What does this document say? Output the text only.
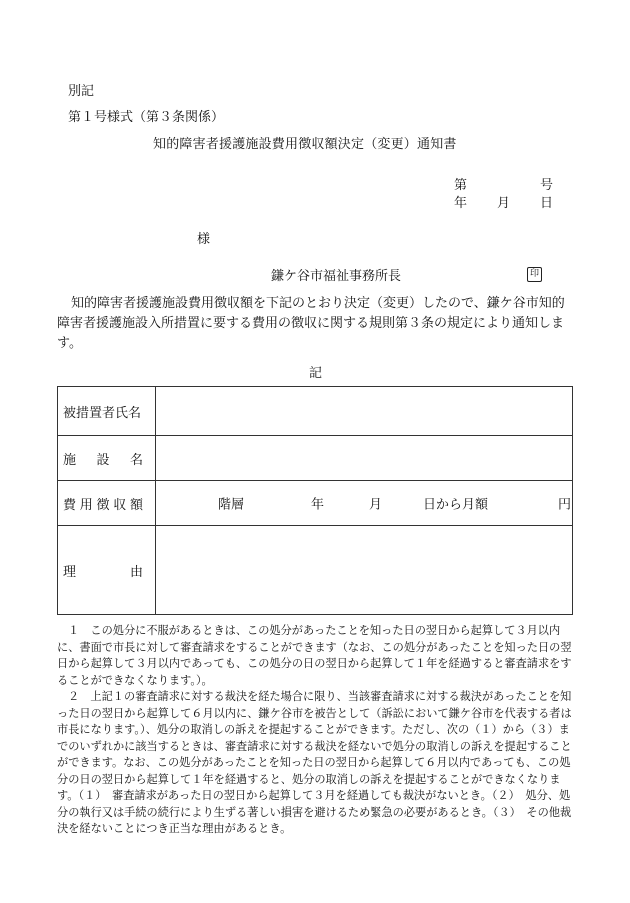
別記
第１号様式（第３条関係）
知的障害者援護施設費用徴収額決定（変更）通知書
第	号
年 月 日
様
鎌ケ谷市福祉事務所長	印
知的障害者援護施設費用徴収額を下記のとおり決定（変更）したので、鎌ケ谷市知的障害者援護施設入所措置に要する費用の徴収に関する規則第３条の規定により通知します。
記
被措置者氏名	

施 設 名	

費 用 徴 収 額	階層 年 月 日から月額 円

理 由	

１　この処分に不服があるときは、この処分があったことを知った日の翌日から起算して３月以内に、書面で市長に対して審査請求をすることができます（なお、この処分があったことを知った日の翌日から起算して３月以内であっても、この処分の日の翌日から起算して１年を経過すると審査請求をすることができなくなります。）。
２　上記１の審査請求に対する裁決を経た場合に限り、当該審査請求に対する裁決があったことを知った日の翌日から起算して６月以内に、鎌ケ谷市を被告として（訴訟において鎌ケ谷市を代表する者は市長になります。）、処分の取消しの訴えを提起することができます。ただし、次の（１）から（３）までのいずれかに該当するときは、審査請求に対する裁決を経ないで処分の取消しの訴えを提起することができます。なお、この処分があったことを知った日の翌日から起算して６月以内であっても、この処分の日の翌日から起算して１年を経過すると、処分の取消しの訴えを提起することができなくなります。（１）　審査請求があった日の翌日から起算して３月を経過しても裁決がないとき。（２）　処分、処分の執行又は手続の続行により生ずる著しい損害を避けるため緊急の必要があるとき。（３）　その他裁決を経ないことにつき正当な理由があるとき。
